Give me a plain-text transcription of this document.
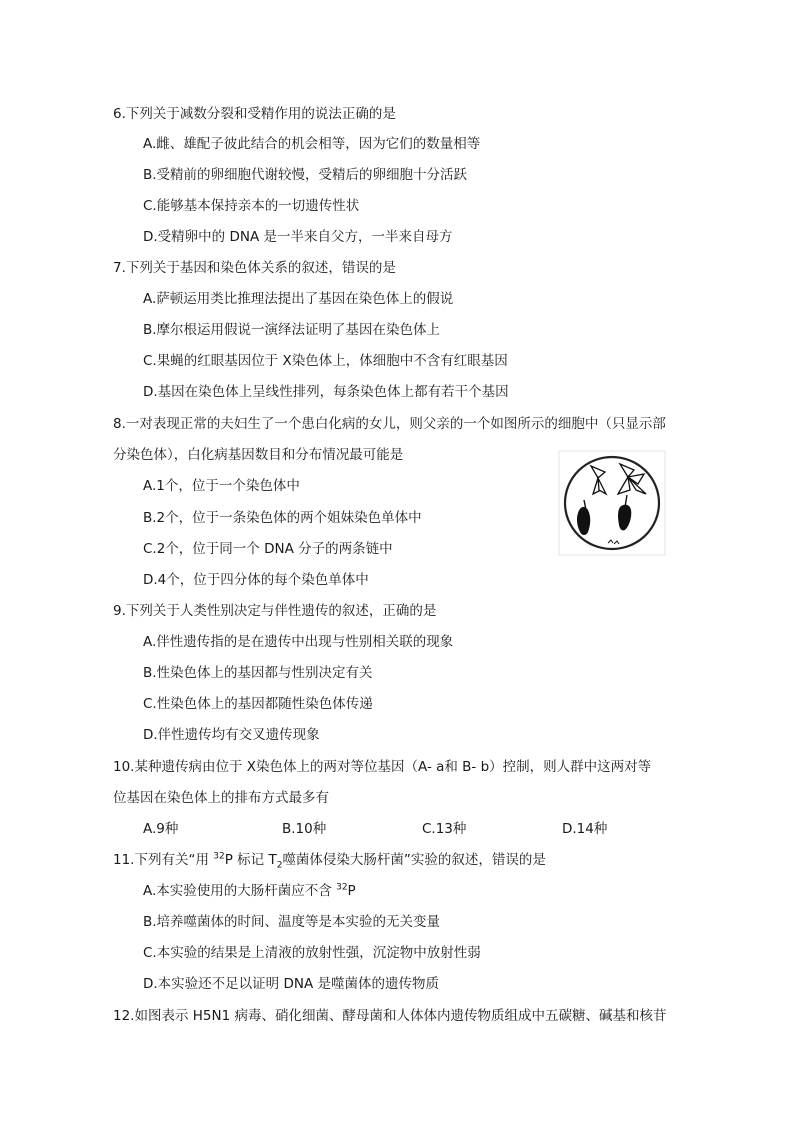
6.下列关于减数分裂和受精作用的说法正确的是
A.雌、雄配子彼此结合的机会相等，因为它们的数量相等
B.受精前的卵细胞代谢较慢，受精后的卵细胞十分活跃
C.能够基本保持亲本的一切遗传性状
D.受精卵中的 DNA 是一半来自父方，一半来自母方
7.下列关于基因和染色体关系的叙述，错误的是
A.萨顿运用类比推理法提出了基因在染色体上的假说
B.摩尔根运用假说一演绎法证明了基因在染色体上
C.果蝇的红眼基因位于 X染色体上，体细胞中不含有红眼基因
D.基因在染色体上呈线性排列，每条染色体上都有若干个基因
8.一对表现正常的夫妇生了一个患白化病的女儿，则父亲的一个如图所示的细胞中（只显示部
分染色体），白化病基因数目和分布情况最可能是
A.1个，位于一个染色体中
B.2个，位于一条染色体的两个姐妹染色单体中
C.2个，位于同一个 DNA 分子的两条链中
D.4个，位于四分体的每个染色单体中
9.下列关于人类性别决定与伴性遗传的叙述，正确的是
A.伴性遗传指的是在遗传中出现与性别相关联的现象
B.性染色体上的基因都与性别决定有关
C.性染色体上的基因都随性染色体传递
D.伴性遗传均有交叉遗传现象
10.某种遗传病由位于 X染色体上的两对等位基因（A- a和 B- b）控制，则人群中这两对等
位基因在染色体上的排布方式最多有
A.9种	B.10种	C.13种	D.14种
11.下列有关“用 $^{32}$P 标记 $T_2$噬菌体侵染大肠杆菌”实验的叙述，错误的是
A.本实验使用的大肠杆菌应不含 $^{32}$P
B.培养噬菌体的时间、温度等是本实验的无关变量
C.本实验的结果是上清液的放射性强，沉淀物中放射性弱
D.本实验还不足以证明 DNA 是噬菌体的遗传物质
12.如图表示 H5N1 病毒、硝化细菌、酵母菌和人体体内遗传物质组成中五碳糖、碱基和核苷
